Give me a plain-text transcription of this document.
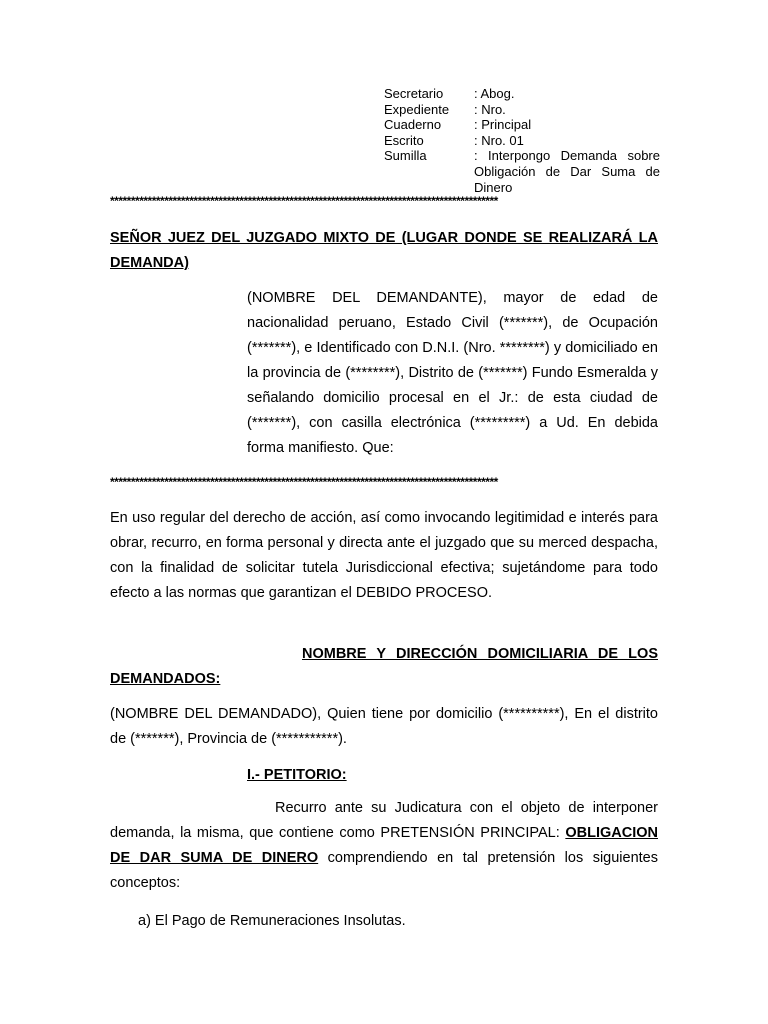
Secretario	: Abog.
Expediente	: Nro.
Cuaderno	: Principal
Escrito	: Nro. 01
Sumilla	: Interpongo Demanda sobre Obligación de Dar Suma de Dinero
*********************************************************************************************
SEÑOR JUEZ DEL JUZGADO MIXTO DE (LUGAR DONDE SE REALIZARÁ LA DEMANDA)
(NOMBRE DEL DEMANDANTE), mayor de edad de nacionalidad peruano, Estado Civil (*******), de Ocupación (*******), e Identificado con D.N.I. (Nro. ********) y domiciliado en la provincia de (********), Distrito de (*******) Fundo Esmeralda y señalando domicilio procesal en el Jr.: de esta ciudad de (*******), con casilla electrónica (*********) a Ud. En debida forma manifiesto. Que:
*********************************************************************************************
En uso regular del derecho de acción, así como invocando legitimidad e interés para obrar, recurro, en forma personal y directa ante el juzgado que su merced despacha, con la finalidad de solicitar tutela Jurisdiccional efectiva; sujetándome para todo efecto a las normas que garantizan el DEBIDO PROCESO.
NOMBRE Y DIRECCIÓN DOMICILIARIA DE LOS DEMANDADOS:
(NOMBRE DEL DEMANDADO), Quien tiene por domicilio (**********), En el distrito de (*******), Provincia de (***********).
I.- PETITORIO:
Recurro ante su Judicatura con el objeto de interponer demanda, la misma, que contiene como PRETENSIÓN PRINCIPAL: OBLIGACION DE DAR SUMA DE DINERO comprendiendo en tal pretensión los siguientes conceptos:
a) El Pago de Remuneraciones Insolutas.
